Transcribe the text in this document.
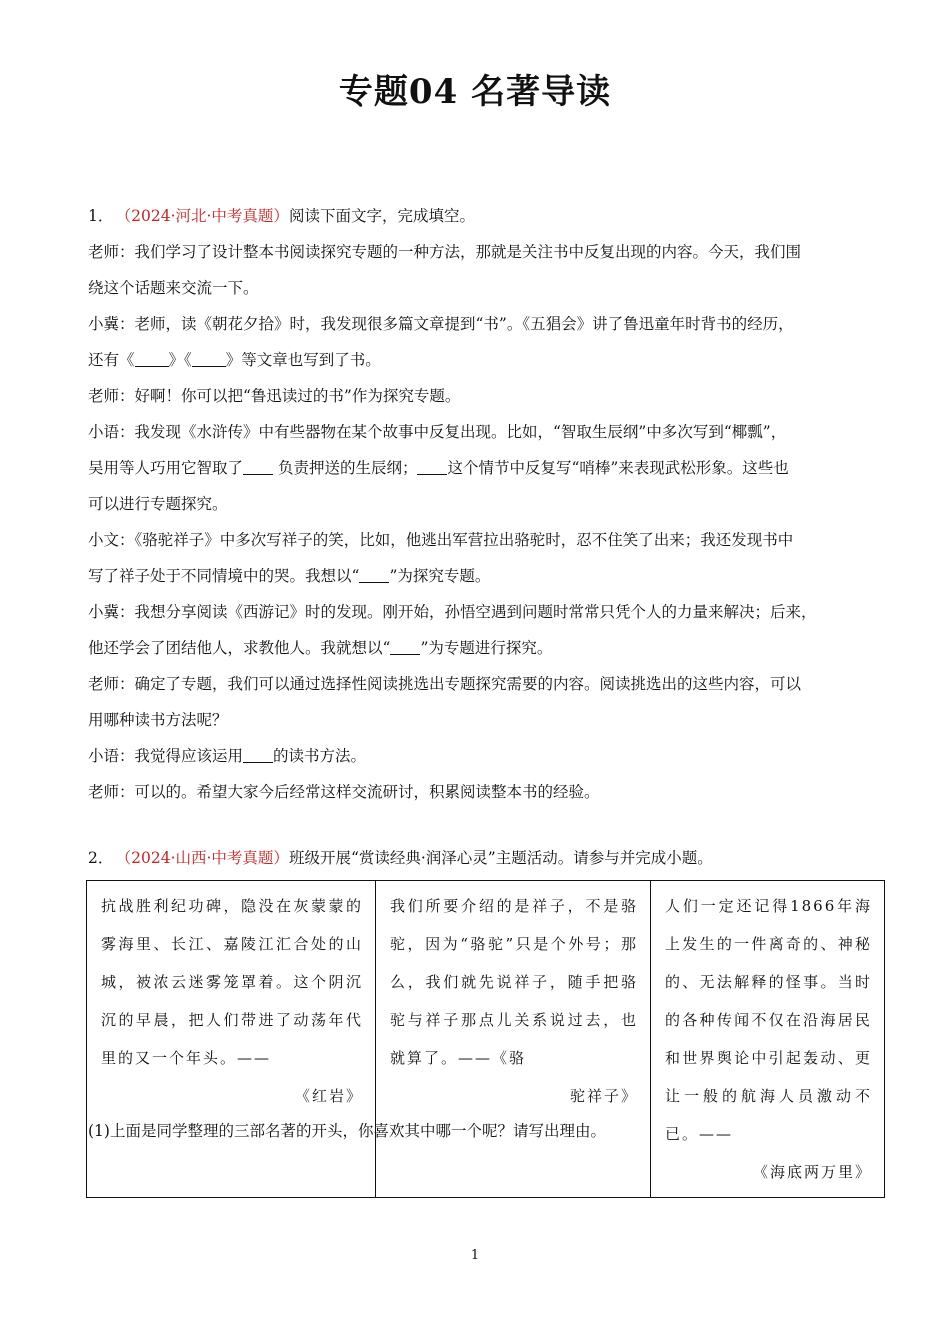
专题04 名著导读
1． （2024·河北·中考真题）阅读下面文字，完成填空。
老师：我们学习了设计整本书阅读探究专题的一种方法，那就是关注书中反复出现的内容。今天，我们围
绕这个话题来交流一下。
小冀：老师，读《朝花夕拾》时，我发现很多篇文章提到“书”。《五猖会》讲了鲁迅童年时背书的经历，
还有《 》《 》等文章也写到了书。
老师：好啊！你可以把“鲁迅读过的书”作为探究专题。
小语：我发现《水浒传》中有些器物在某个故事中反复出现。比如，“智取生辰纲”中多次写到“椰瓢”，
吴用等人巧用它智取了 负责押送的生辰纲； 这个情节中反复写“哨棒”来表现武松形象。这些也
可以进行专题探究。
小文：《骆驼祥子》中多次写祥子的笑，比如，他逃出军营拉出骆驼时，忍不住笑了出来；我还发现书中
写了祥子处于不同情境中的哭。我想以“ ”为探究专题。
小冀：我想分享阅读《西游记》时的发现。刚开始，孙悟空遇到问题时常常只凭个人的力量来解决；后来，
他还学会了团结他人，求教他人。我就想以“ ”为专题进行探究。
老师：确定了专题，我们可以通过选择性阅读挑选出专题探究需要的内容。阅读挑选出的这些内容，可以
用哪种读书方法呢？
小语：我觉得应该运用 的读书方法。
老师：可以的。希望大家今后经常这样交流研讨，积累阅读整本书的经验。
2． （2024·山西·中考真题）班级开展“赏读经典·润泽心灵”主题活动。请参与并完成小题。
抗战胜利纪功碑，隐没在灰蒙蒙的雾海里、长江、嘉陵江汇合处的山城，被浓云迷雾笼罩着。这个阴沉沉的早晨，把人们带进了动荡年代里的又一个年头。——
《红岩》
	我们所要介绍的是祥子，不是骆驼，因为“骆驼”只是个外号；那么，我们就先说祥子，随手把骆驼与祥子那点儿关系说过去，也就算了。——《骆
驼祥子》
	人们一定还记得1866年海上发生的一件离奇的、神秘的、无法解释的怪事。当时的各种传闻不仅在沿海居民和世界舆论中引起轰动、更让一般的航海人员激动不已。——
《海底两万里》
(1)上面是同学整理的三部名著的开头，你喜欢其中哪一个呢？请写出理由。
1
